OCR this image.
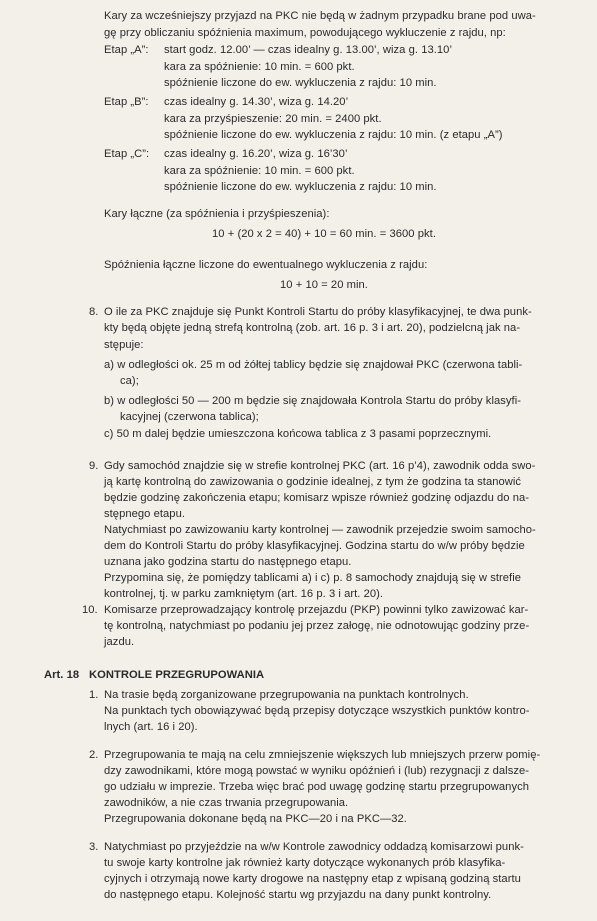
Kary za wcześniejszy przyjazd na PKC nie będą w żadnym przypadku brane pod uwa-
gę przy obliczaniu spóźnienia maximum, powodującego wykluczenie z rajdu, np:
Etap „A”: start godz. 12.00’ — czas idealny g. 13.00’, wiza g. 13.10’
kara za spóźnienie: 10 min. = 600 pkt.
spóźnienie liczone do ew. wykluczenia z rajdu: 10 min.
Etap „B”: czas idealny g. 14.30’, wiza g. 14.20’
kara za przyśpieszenie: 20 min. = 2400 pkt.
spóźnienie liczone do ew. wykluczenia z rajdu: 10 min. (z etapu „A”)
Etap „C”: czas idealny g. 16.20’, wiza g. 16’30’
kara za spóźnienie: 10 min. = 600 pkt.
spóźnienie liczone do ew. wykluczenia z rajdu: 10 min.
Kary łączne (za spóźnienia i przyśpieszenia):
10 + (20 x 2 = 40) + 10 = 60 min. = 3600 pkt.
Spóźnienia łączne liczone do ewentualnego wykluczenia z rajdu:
10 + 10 = 20 min.
8. O ile za PKC znajduje się Punkt Kontroli Startu do próby klasyfikacyjnej, te dwa punk-
kty będą objęte jedną strefą kontrolną (zob. art. 16 p. 3 i art. 20), podzielc​ną jak na-
stępuje:
a) w odległości ok. 25 m od żółtej tablicy będzie się znajdował PKC (czerwona tabli-
ca);
b) w odległości 50 — 200 m będzie się znajdowała Kontrola Startu do próby klasyfi-
kacyjnej (czerwona tablica);
c) 50 m dalej będzie umieszczona końcowa tablica z 3 pasami poprzecznymi.
9. Gdy samochód znajdzie się w strefie kontrolnej PKC (art. 16 p’4), zawodnik odda swo-
ją kartę kontrolną do zawizowania o godzinie idealnej, z tym że godzina ta stanowić
będzie godzinę zakończenia etapu; komisarz wpisze również godzinę odjazdu do na-
stępnego etapu.
Natychmiast po zawizowaniu karty kontrolnej — zawodnik przejedzie swoim samocho-
dem do Kontroli Startu do próby klasyfikacyjnej. Godzina startu do w/w próby będzie
uznana jako godzina startu do następnego etapu.
Przypomina się, że pomiędzy tablicami a) i c) p. 8 samochody znajdują się w strefie
kontrolnej, tj. w parku zamkniętym (art. 16 p. 3 i art. 20).
10. Komisarze przeprowadzający kontrolę przejazdu (PKP) powinni tylko zawizować kar-
tę kontrolną, natychmiast po podaniu jej przez załogę, nie odnotowując godziny prze-
jazdu.
Art. 18 KONTROLE PRZEGRUPOWANIA
1. Na trasie będą zorganizowane przegrupowania na punktach kontrolnych.
Na punktach tych obowiązywać będą przepisy dotyczące wszystkich punktów kontro-
lnych (art. 16 i 20).
2. Przegrupowania te mają na celu zmniejszenie większych lub mniejszych przerw pomię-
dzy zawodnikami, które mogą powstać w wyniku opóźnień i (lub) rezygnacji z dalsze-
go udziału w imprezie. Trzeba więc brać pod uwagę godzinę startu przegrupowanych
zawodników, a nie czas trwania przegrupowania.
Przegrupowania dokonane będą na PKC—20 i na PKC—32.
3. Natychmiast po przyjeździe na w/w Kontrole zawodnicy oddadzą komisarzowi punk-
tu swoje karty kontrolne jak również karty dotyczące wykonanych prób klasyfika-
cyjnych i otrzymają nowe karty drogowe na następny etap z wpisaną godziną startu
do następnego etapu. Kolejność startu wg przyjazdu na dany punkt kontrolny.
